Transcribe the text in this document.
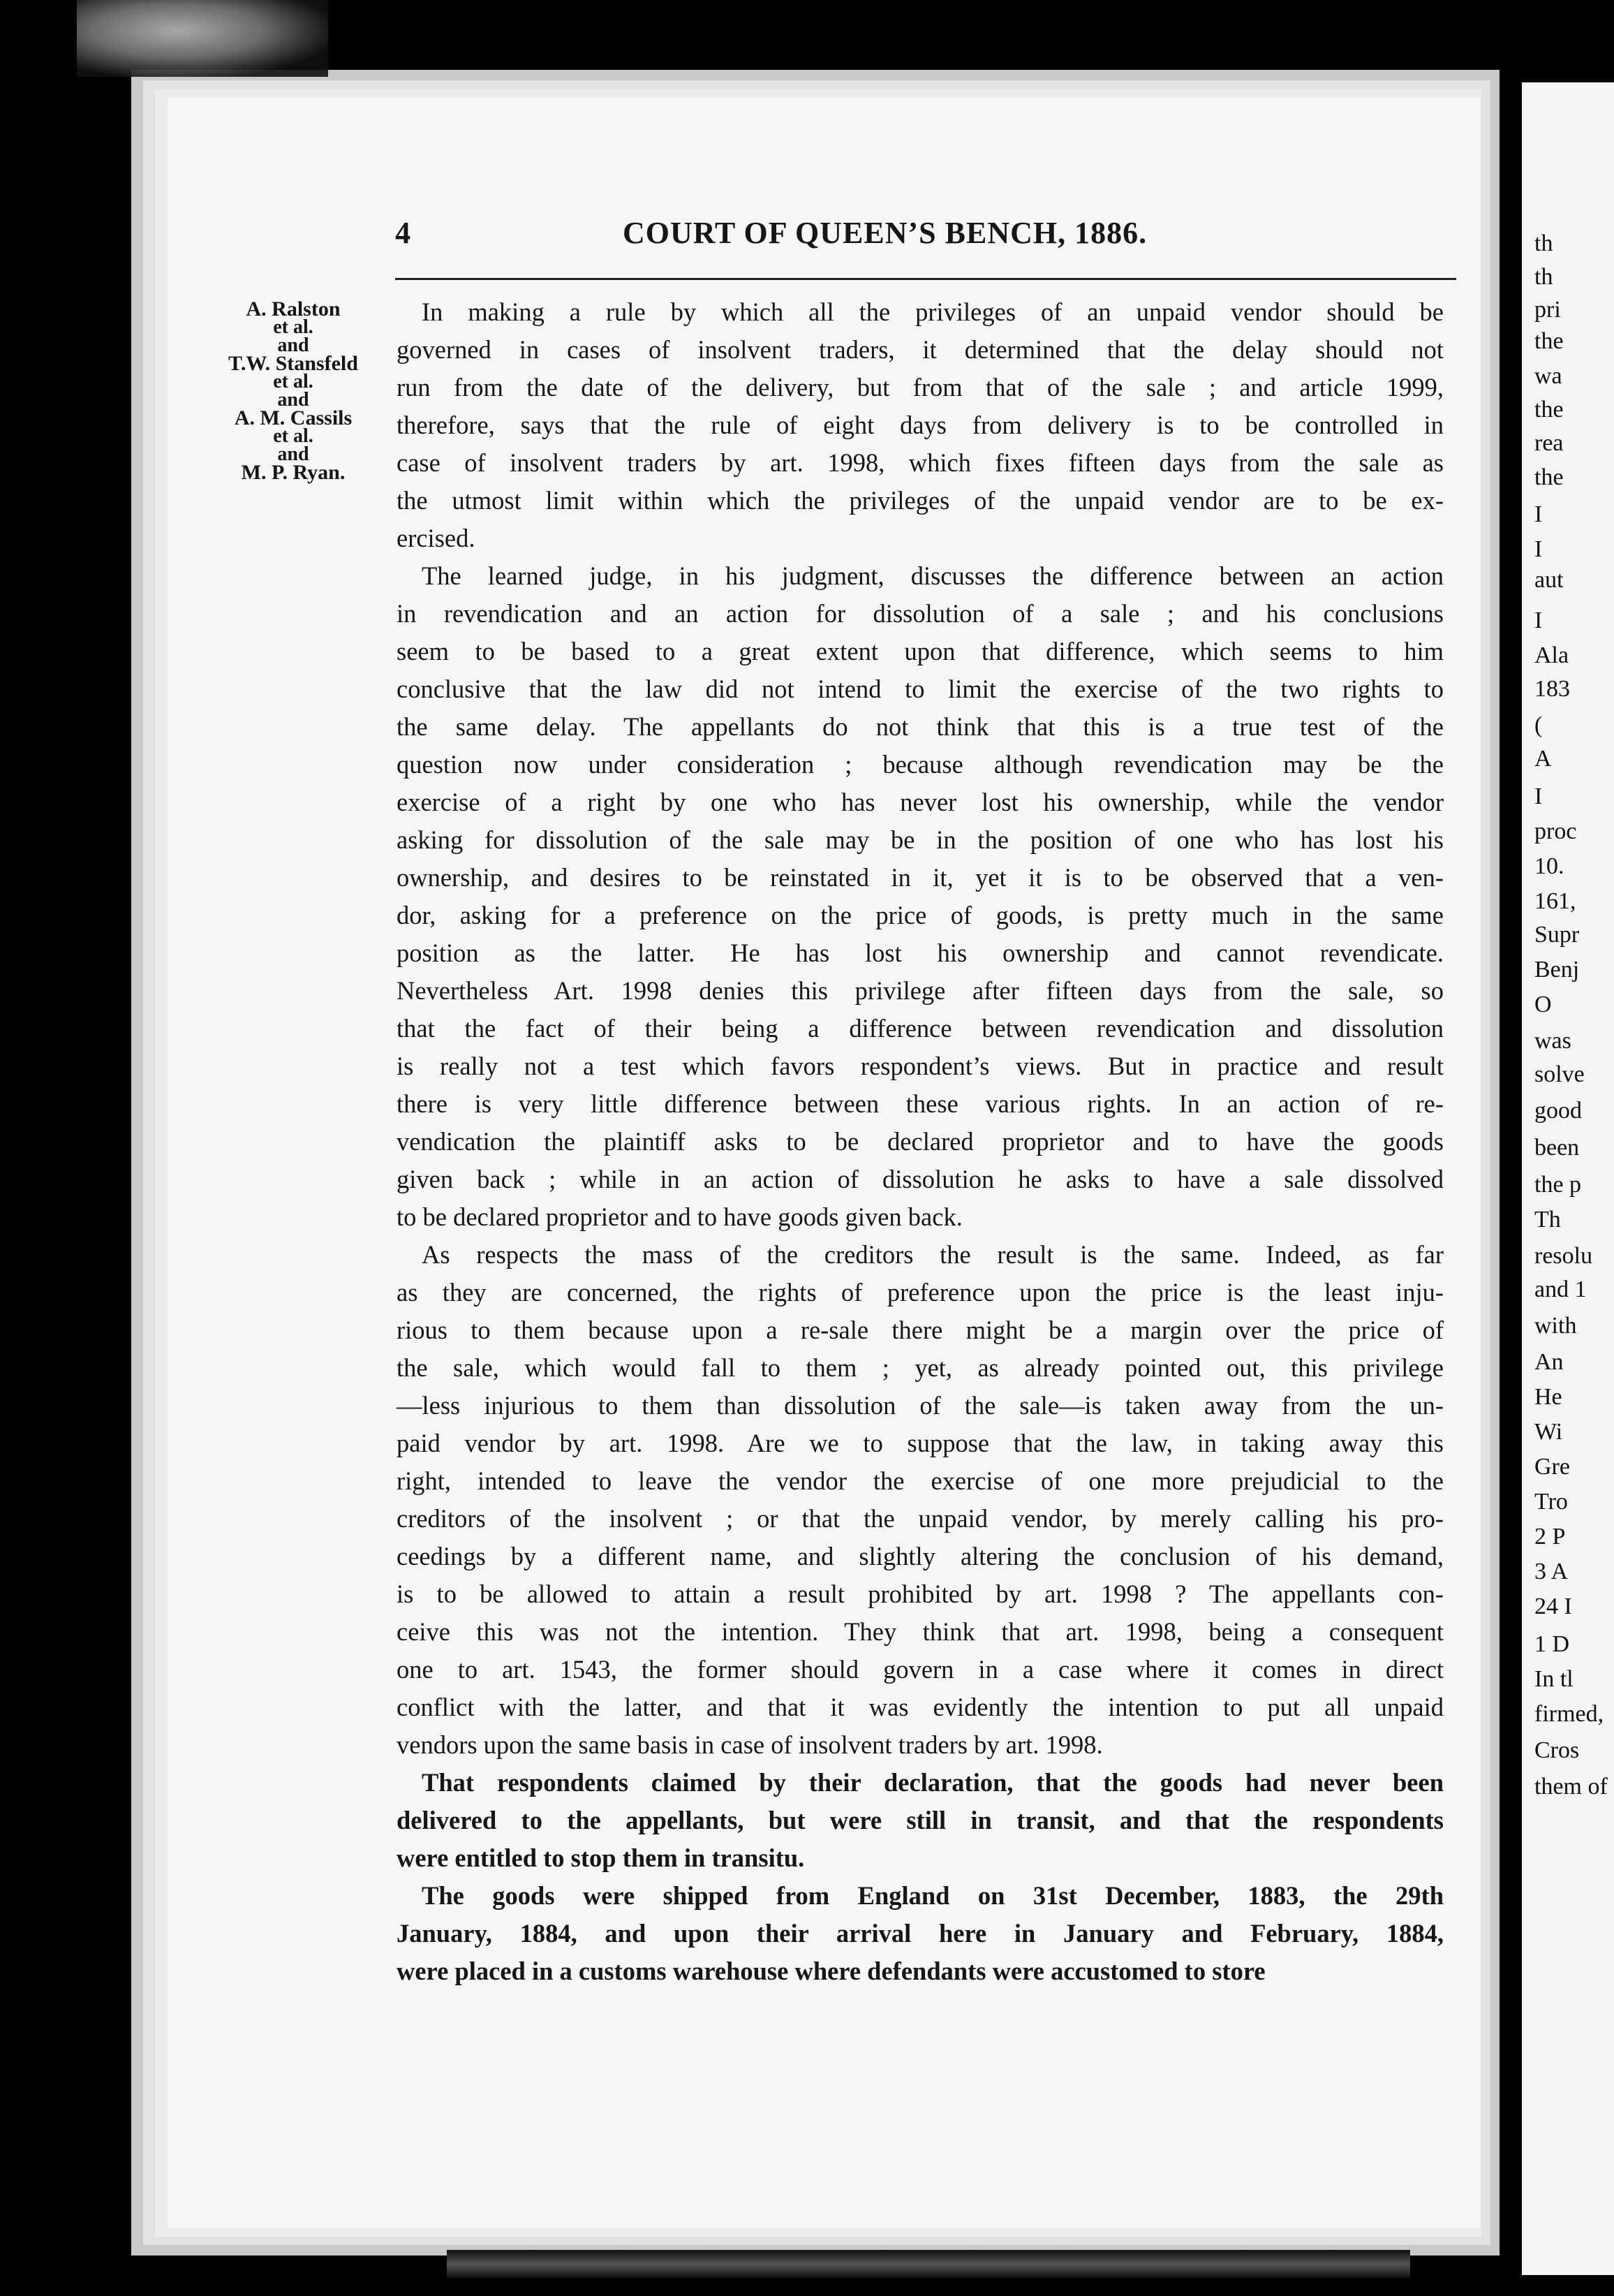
th
th
pri
the
wa
the
rea
the
I
I
aut
I
Ala
183
(
A
I
proc
10.
161,
Supr
Benj
O
was
solve
good
been
the p
Th
resolu
and 1
with
An
He
Wi
Gre
Tro
2 P
3 A
24 I
1 D
In tl
firmed,
Cros
them of
4	COURT OF QUEEN’S BENCH, 1886.
A. Ralston
et al.
and
T.W. Stansfeld
et al.
and
A. M. Cassils
et al.
and
M. P. Ryan.

In making a rule by which all the privileges of an unpaid vendor should be
governed in cases of insolvent traders, it determined that the delay should not
run from the date of the delivery, but from that of the sale ; and article 1999,
therefore, says that the rule of eight days from delivery is to be controlled in
case of insolvent traders by art. 1998, which fixes fifteen days from the sale as
the utmost limit within which the privileges of the unpaid vendor are to be ex-
ercised.

The learned judge, in his judgment, discusses the difference between an action
in revendication and an action for dissolution of a sale ; and his conclusions
seem to be based to a great extent upon that difference, which seems to him
conclusive that the law did not intend to limit the exercise of the two rights to
the same delay. The appellants do not think that this is a true test of the
question now under consideration ; because although revendication may be the
exercise of a right by one who has never lost his ownership, while the vendor
asking for dissolution of the sale may be in the position of one who has lost his
ownership, and desires to be reinstated in it, yet it is to be observed that a ven-
dor, asking for a preference on the price of goods, is pretty much in the same
position as the latter. He has lost his ownership and cannot revendicate.
Nevertheless Art. 1998 denies this privilege after fifteen days from the sale, so
that the fact of their being a difference between revendication and dissolution
is really not a test which favors respondent’s views. But in practice and result
there is very little difference between these various rights. In an action of re-
vendication the plaintiff asks to be declared proprietor and to have the goods
given back ; while in an action of dissolution he asks to have a sale dissolved
to be declared proprietor and to have goods given back.

As respects the mass of the creditors the result is the same. Indeed, as far
as they are concerned, the rights of preference upon the price is the least inju-
rious to them because upon a re-sale there might be a margin over the price of
the sale, which would fall to them ; yet, as already pointed out, this privilege
—less injurious to them than dissolution of the sale—is taken away from the un-
paid vendor by art. 1998. Are we to suppose that the law, in taking away this
right, intended to leave the vendor the exercise of one more prejudicial to the
creditors of the insolvent ; or that the unpaid vendor, by merely calling his pro-
ceedings by a different name, and slightly altering the conclusion of his demand,
is to be allowed to attain a result prohibited by art. 1998 ? The appellants con-
ceive this was not the intention. They think that art. 1998, being a consequent
one to art. 1543, the former should govern in a case where it comes in direct
conflict with the latter, and that it was evidently the intention to put all unpaid
vendors upon the same basis in case of insolvent traders by art. 1998.

That respondents claimed by their declaration, that the goods had never been
delivered to the appellants, but were still in transit, and that the respondents
were entitled to stop them in transitu.

The goods were shipped from England on 31st December, 1883, the 29th
January, 1884, and upon their arrival here in January and February, 1884,
were placed in a customs warehouse where defendants were accustomed to store
